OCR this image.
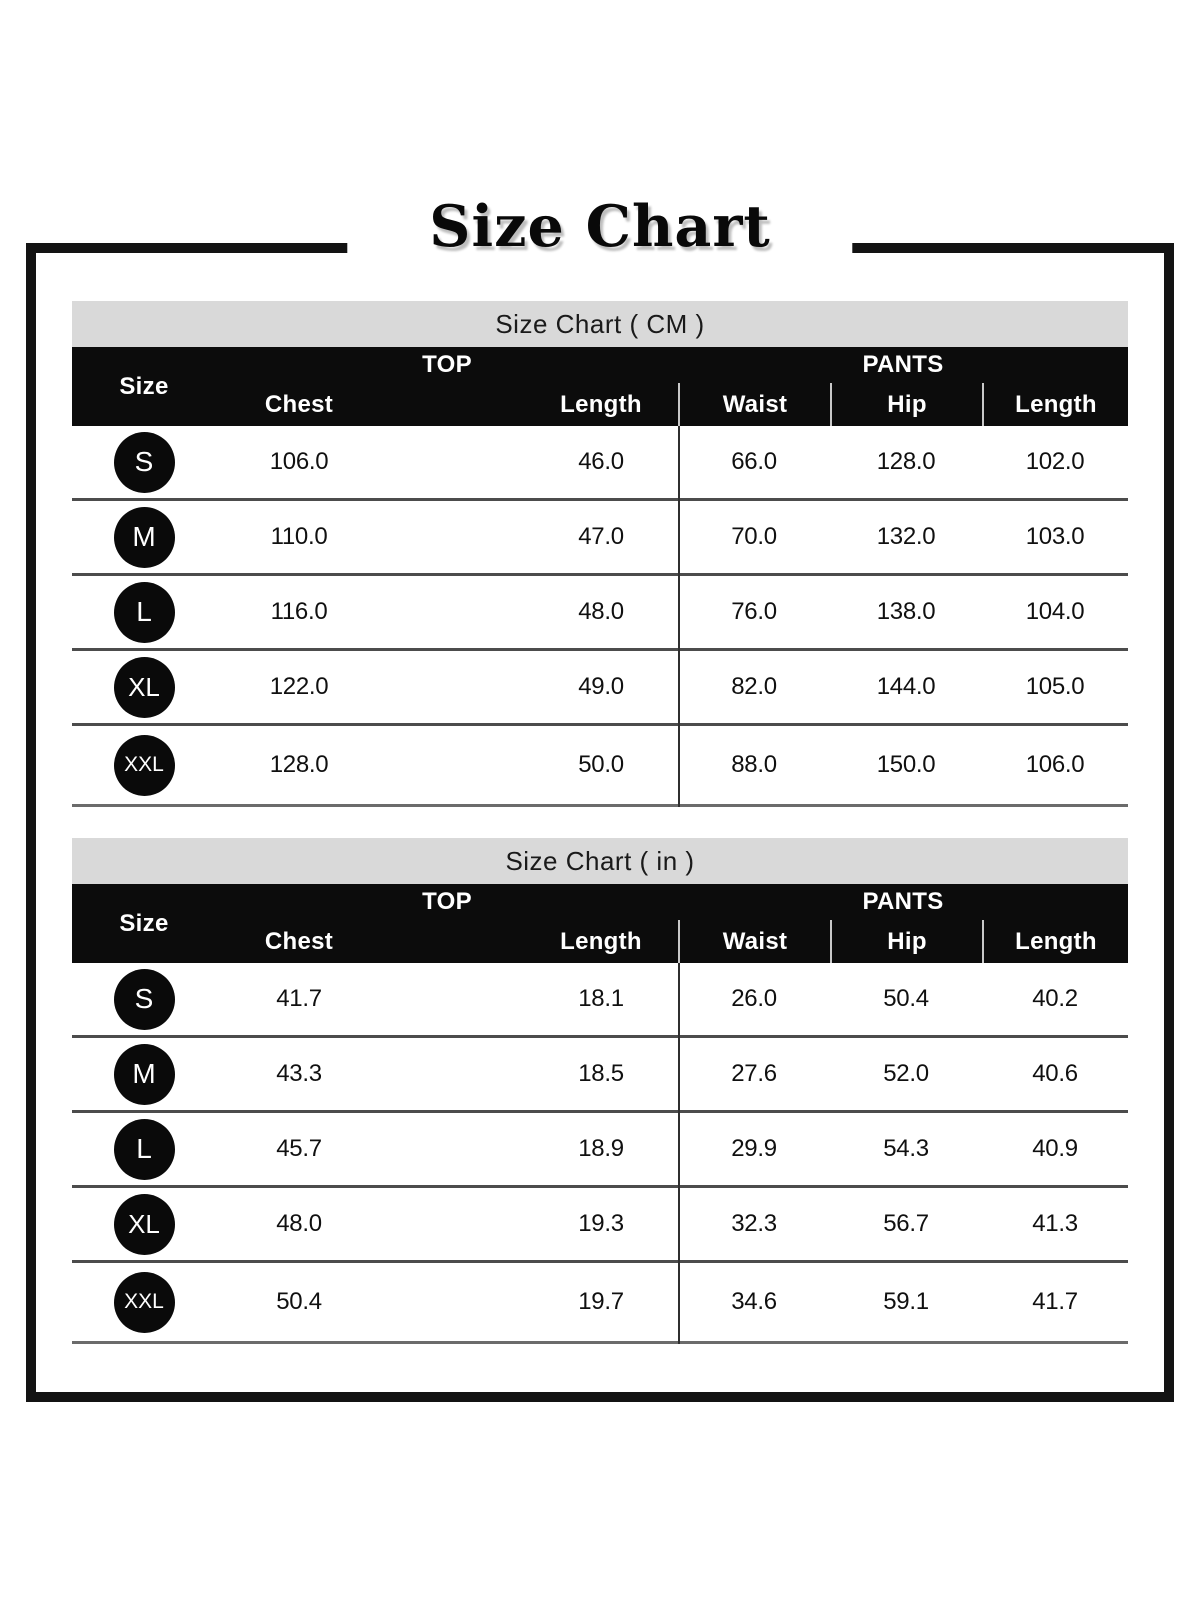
Size Chart
Size Chart ( CM )
Size
TOP	PANTS
Chest	Length	Waist	Hip	Length
S	106.0	46.0	66.0	128.0	102.0
M	110.0	47.0	70.0	132.0	103.0
L	116.0	48.0	76.0	138.0	104.0
XL	122.0	49.0	82.0	144.0	105.0
XXL	128.0	50.0	88.0	150.0	106.0
Size Chart ( in )
Size
TOP	PANTS
Chest	Length	Waist	Hip	Length
S	41.7	18.1	26.0	50.4	40.2
M	43.3	18.5	27.6	52.0	40.6
L	45.7	18.9	29.9	54.3	40.9
XL	48.0	19.3	32.3	56.7	41.3
XXL	50.4	19.7	34.6	59.1	41.7
